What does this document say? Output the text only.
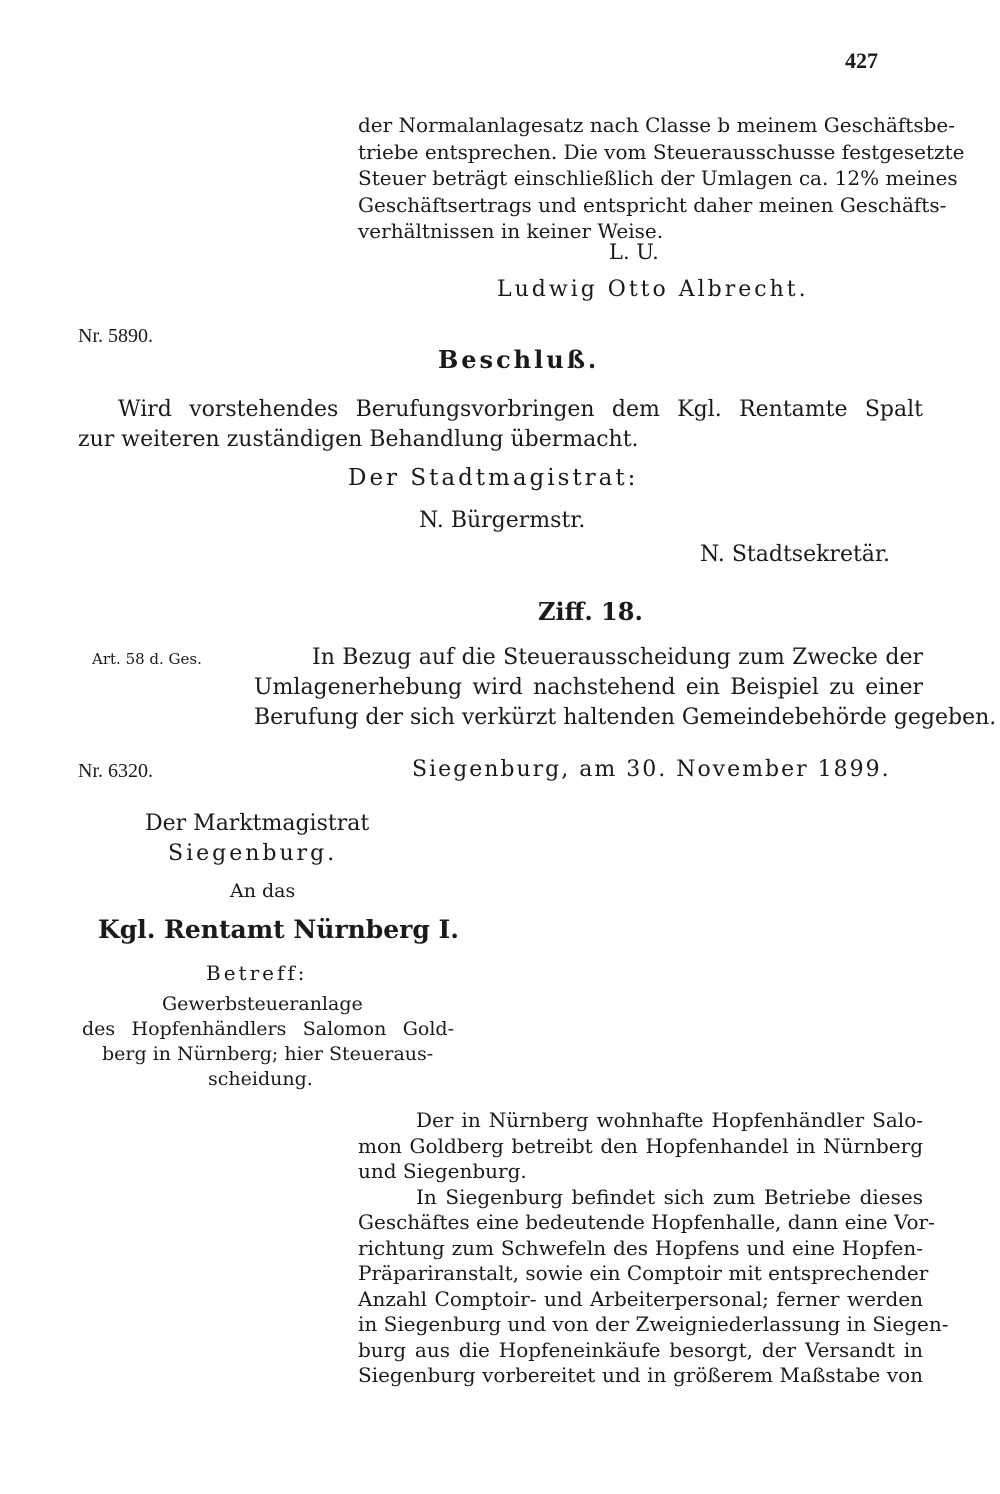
427
der Normalanlagesatz nach Classe b meinem Geschäftsbe-
triebe entsprechen. Die vom Steuerausschusse festgesetzte
Steuer beträgt einschließlich der Umlagen ca. 12% meines
Geschäftsertrags und entspricht daher meinen Geschäfts-
verhältnissen in keiner Weise.
L. U.
Ludwig Otto Albrecht.
Nr. 5890.
Beschluß.
Wird vorstehendes Berufungsvorbringen dem Kgl. Rentamte Spalt
zur weiteren zuständigen Behandlung übermacht.
Der Stadtmagistrat:
N. Bürgermstr.
N. Stadtsekretär.
Ziff. 18.
Art. 58 d. Ges.	In Bezug auf die Steuerausscheidung zum Zwecke der
Umlagenerhebung wird nachstehend ein Beispiel zu einer
Berufung der sich verkürzt haltenden Gemeindebehörde gegeben.
Nr. 6320.	Siegenburg, am 30. November 1899.
Der Marktmagistrat
Siegenburg.
An das
Kgl. Rentamt Nürnberg I.
Betreff:
Gewerbsteueranlage
des Hopfenhändlers Salomon Gold-
berg in Nürnberg; hier Steueraus-
scheidung.
Der in Nürnberg wohnhafte Hopfenhändler Salo-
mon Goldberg betreibt den Hopfenhandel in Nürnberg
und Siegenburg.
In Siegenburg befindet sich zum Betriebe dieses
Geschäftes eine bedeutende Hopfenhalle, dann eine Vor-
richtung zum Schwefeln des Hopfens und eine Hopfen-
Präpariranstalt, sowie ein Comptoir mit entsprechender
Anzahl Comptoir- und Arbeiterpersonal; ferner werden
in Siegenburg und von der Zweigniederlassung in Siegen-
burg aus die Hopfeneinkäufe besorgt, der Versandt in
Siegenburg vorbereitet und in größerem Maßstabe von
